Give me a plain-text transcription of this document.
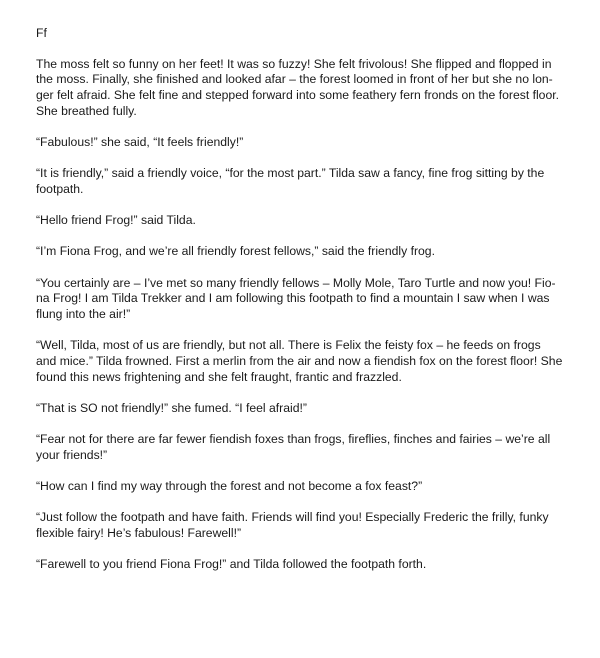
Ff

The moss felt so funny on her feet! It was so fuzzy! She felt frivolous! She flipped and flopped in
the moss. Finally, she finished and looked afar – the forest loomed in front of her but she no lon-
ger felt afraid. She felt fine and stepped forward into some feathery fern fronds on the forest floor.
She breathed fully.

“Fabulous!” she said, “It feels friendly!”

“It is friendly,” said a friendly voice, “for the most part.” Tilda saw a fancy, fine frog sitting by the
footpath.

“Hello friend Frog!” said Tilda.

“I’m Fiona Frog, and we’re all friendly forest fellows,” said the friendly frog.

“You certainly are – I’ve met so many friendly fellows – Molly Mole, Taro Turtle and now you! Fio-
na Frog! I am Tilda Trekker and I am following this footpath to find a mountain I saw when I was
flung into the air!”

“Well, Tilda, most of us are friendly, but not all. There is Felix the feisty fox – he feeds on frogs
and mice.” Tilda frowned. First a merlin from the air and now a fiendish fox on the forest floor! She
found this news frightening and she felt fraught, frantic and frazzled.

“That is SO not friendly!” she fumed. “I feel afraid!”

“Fear not for there are far fewer fiendish foxes than frogs, fireflies, finches and fairies – we’re all
your friends!”

“How can I find my way through the forest and not become a fox feast?”

“Just follow the footpath and have faith. Friends will find you! Especially Frederic the frilly, funky
flexible fairy! He’s fabulous! Farewell!”

“Farewell to you friend Fiona Frog!” and Tilda followed the footpath forth.
